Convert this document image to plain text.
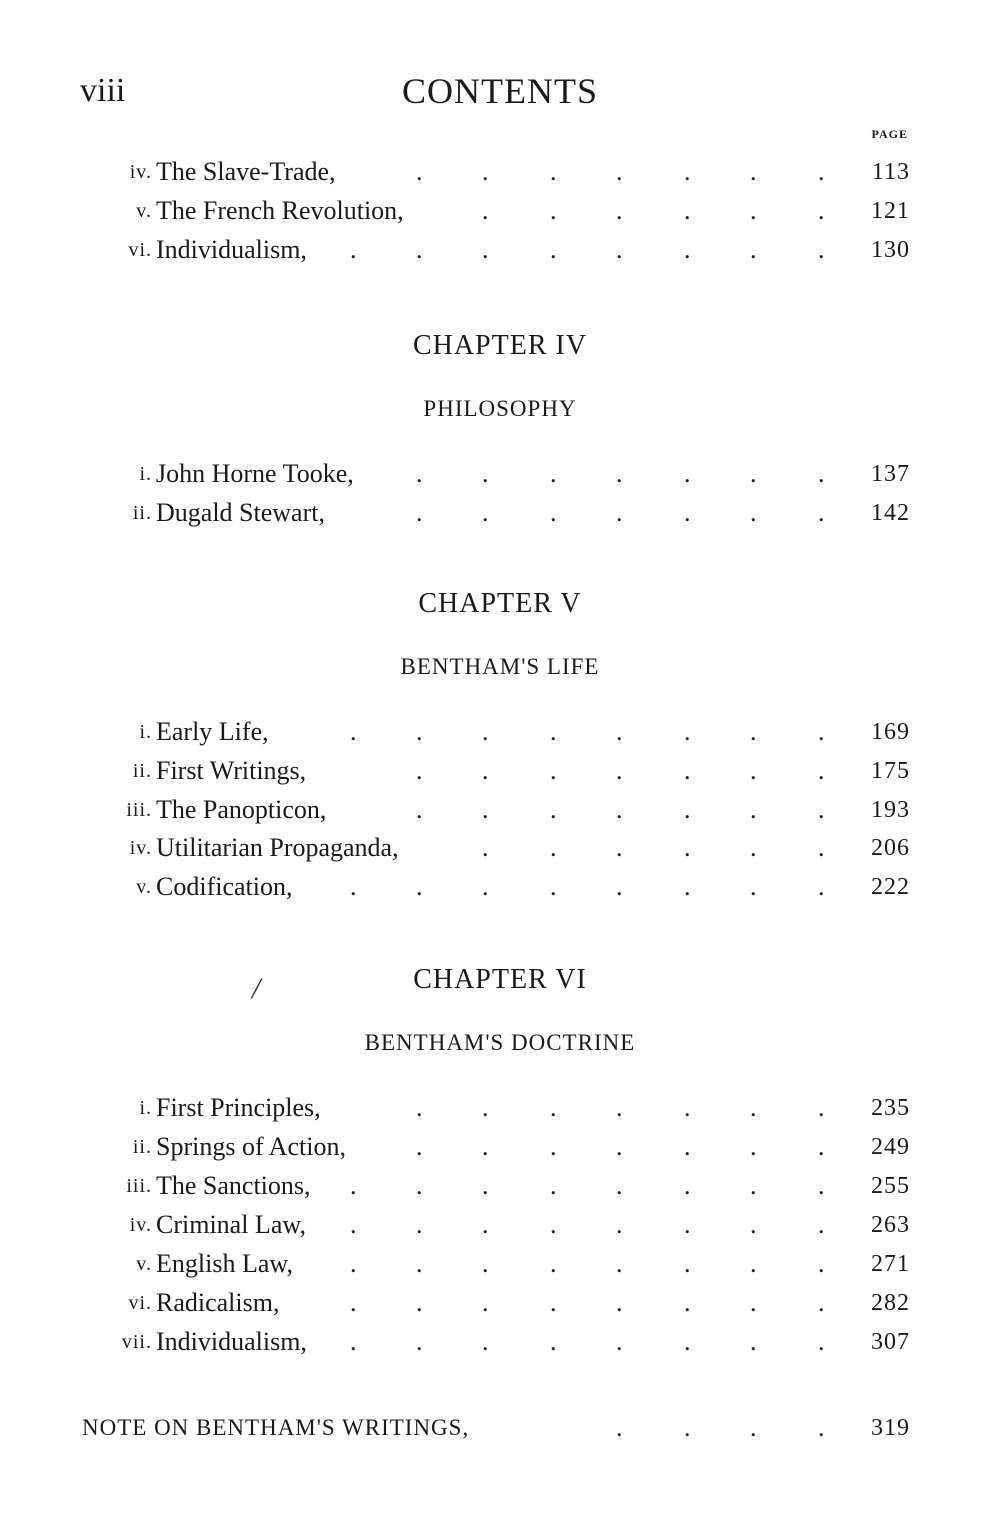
viii	CONTENTS
PAGE
iv. The Slave-Trade,	. . . . . . . 113
v. The French Revolution,	. . . . . . 121
vi. Individualism, . . . . . . . . 130
CHAPTER IV
PHILOSOPHY
i. John Horne Tooke, . . . . . . . 137
ii. Dugald Stewart,	. . . . . . . 142
CHAPTER V
BENTHAM'S LIFE
i. Early Life,	. . . . . . . . 169
ii. First Writings,	. . . . . . . 175
iii. The Panopticon,	. . . . . . . 193
iv. Utilitarian Propaganda,	. . . . . . 206
v. Codification, . . . . . . . . 222
CHAPTER VI
BENTHAM'S DOCTRINE
i. First Principles,	. . . . . . . 235
ii. Springs of Action,	. . . . . . . 249
iii. The Sanctions, . . . . . . . . 255
iv. Criminal Law, . . . . . . . . 263
v. English Law, . . . . . . . . 271
vi. Radicalism,	. . . . . . . . 282
vii. Individualism, . . . . . . . . 307
NOTE ON BENTHAM'S WRITINGS,	. . . . 319
/
